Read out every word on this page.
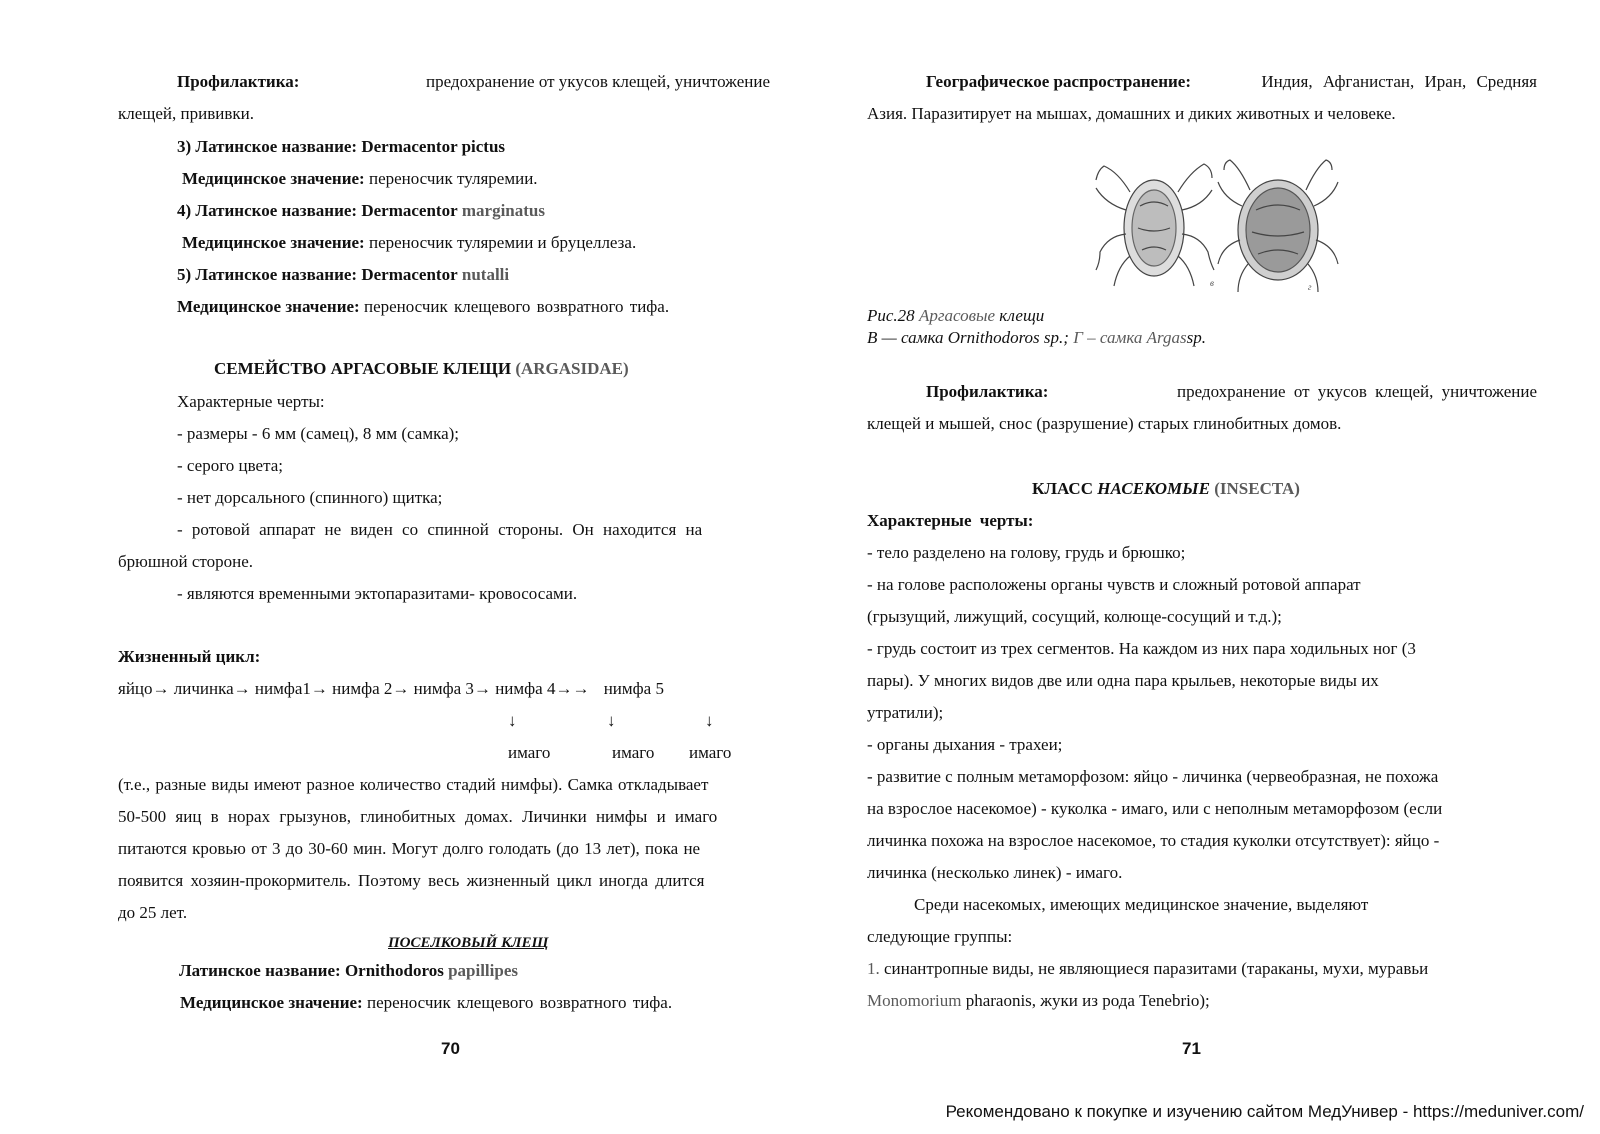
Профилактика:	предохранение от укусов клещей, уничтожение
клещей, прививки.
3) Латинское название: Dermacentor pictus
Медицинское значение: переносчик туляремии.
4) Латинское название: Dermacentor marginatus
Медицинское значение: переносчик туляремии и бруцеллеза.
5) Латинское название: Dermacentor nutalli
Медицинское значение: переносчик клещевого возвратного тифа.
СЕМЕЙСТВО АРГАСОВЫЕ КЛЕЩИ (ARGASIDAE)
Характерные черты:
- размеры - 6 мм (самец), 8 мм (самка);
- серого цвета;
- нет дорсального (спинного) щитка;
- ротовой аппарат не виден со спинной стороны. Он находится на
брюшной стороне.
- являются временными эктопаразитами- кровососами.
Жизненный цикл:
яйцо→ личинка→ нимфа1→ нимфа 2→ нимфа 3→ нимфа 4→→ нимфа 5
↓	↓	↓
имаго	имаго имаго
(т.е., разные виды имеют разное количество стадий нимфы). Самка откладывает
50-500 яиц в норах грызунов, глинобитных домах. Личинки нимфы и имаго
питаются кровью от 3 до 30-60 мин. Могут долго голодать (до 13 лет), пока не
появится хозяин-прокормитель. Поэтому весь жизненный цикл иногда длится
до 25 лет.
ПОСЕЛКОВЫЙ КЛЕЩ
Латинское название: Ornithodoros papillipes
Медицинское значение: переносчик клещевого возвратного тифа.
70
Географическое распространение:	Индия, Афганистан, Иран, Средняя
Азия. Паразитирует на мышах, домашних и диких животных и человеке.
в	г
Рис.28 Аргасовые клещи
В — самка Ornithodoros sp.; Г – самка Argassp.
Профилактика:	предохранение от укусов клещей, уничтожение
клещей и мышей, снос (разрушение) старых глинобитных домов.
КЛАСС НАСЕКОМЫЕ (INSECTA)
Характерные черты:
- тело разделено на голову, грудь и брюшко;
- на голове расположены органы чувств и сложный ротовой аппарат
(грызущий, лижущий, сосущий, колюще-сосущий и т.д.);
- грудь состоит из трех сегментов. На каждом из них пара ходильных ног (3
пары). У многих видов две или одна пара крыльев, некоторые виды их
утратили);
- органы дыхания - трахеи;
- развитие с полным метаморфозом: яйцо - личинка (червеобразная, не похожа
на взрослое насекомое) - куколка - имаго, или с неполным метаморфозом (если
личинка похожа на взрослое насекомое, то стадия куколки отсутствует): яйцо -
личинка (несколько линек) - имаго.
Среди насекомых, имеющих медицинское значение, выделяют
следующие группы:
1. синантропные виды, не являющиеся паразитами (тараканы, мухи, муравьи
Monomorium pharaonis, жуки из рода Tenebrio);
71
Рекомендовано к покупке и изучению сайтом МедУнивер - https://meduniver.com/
